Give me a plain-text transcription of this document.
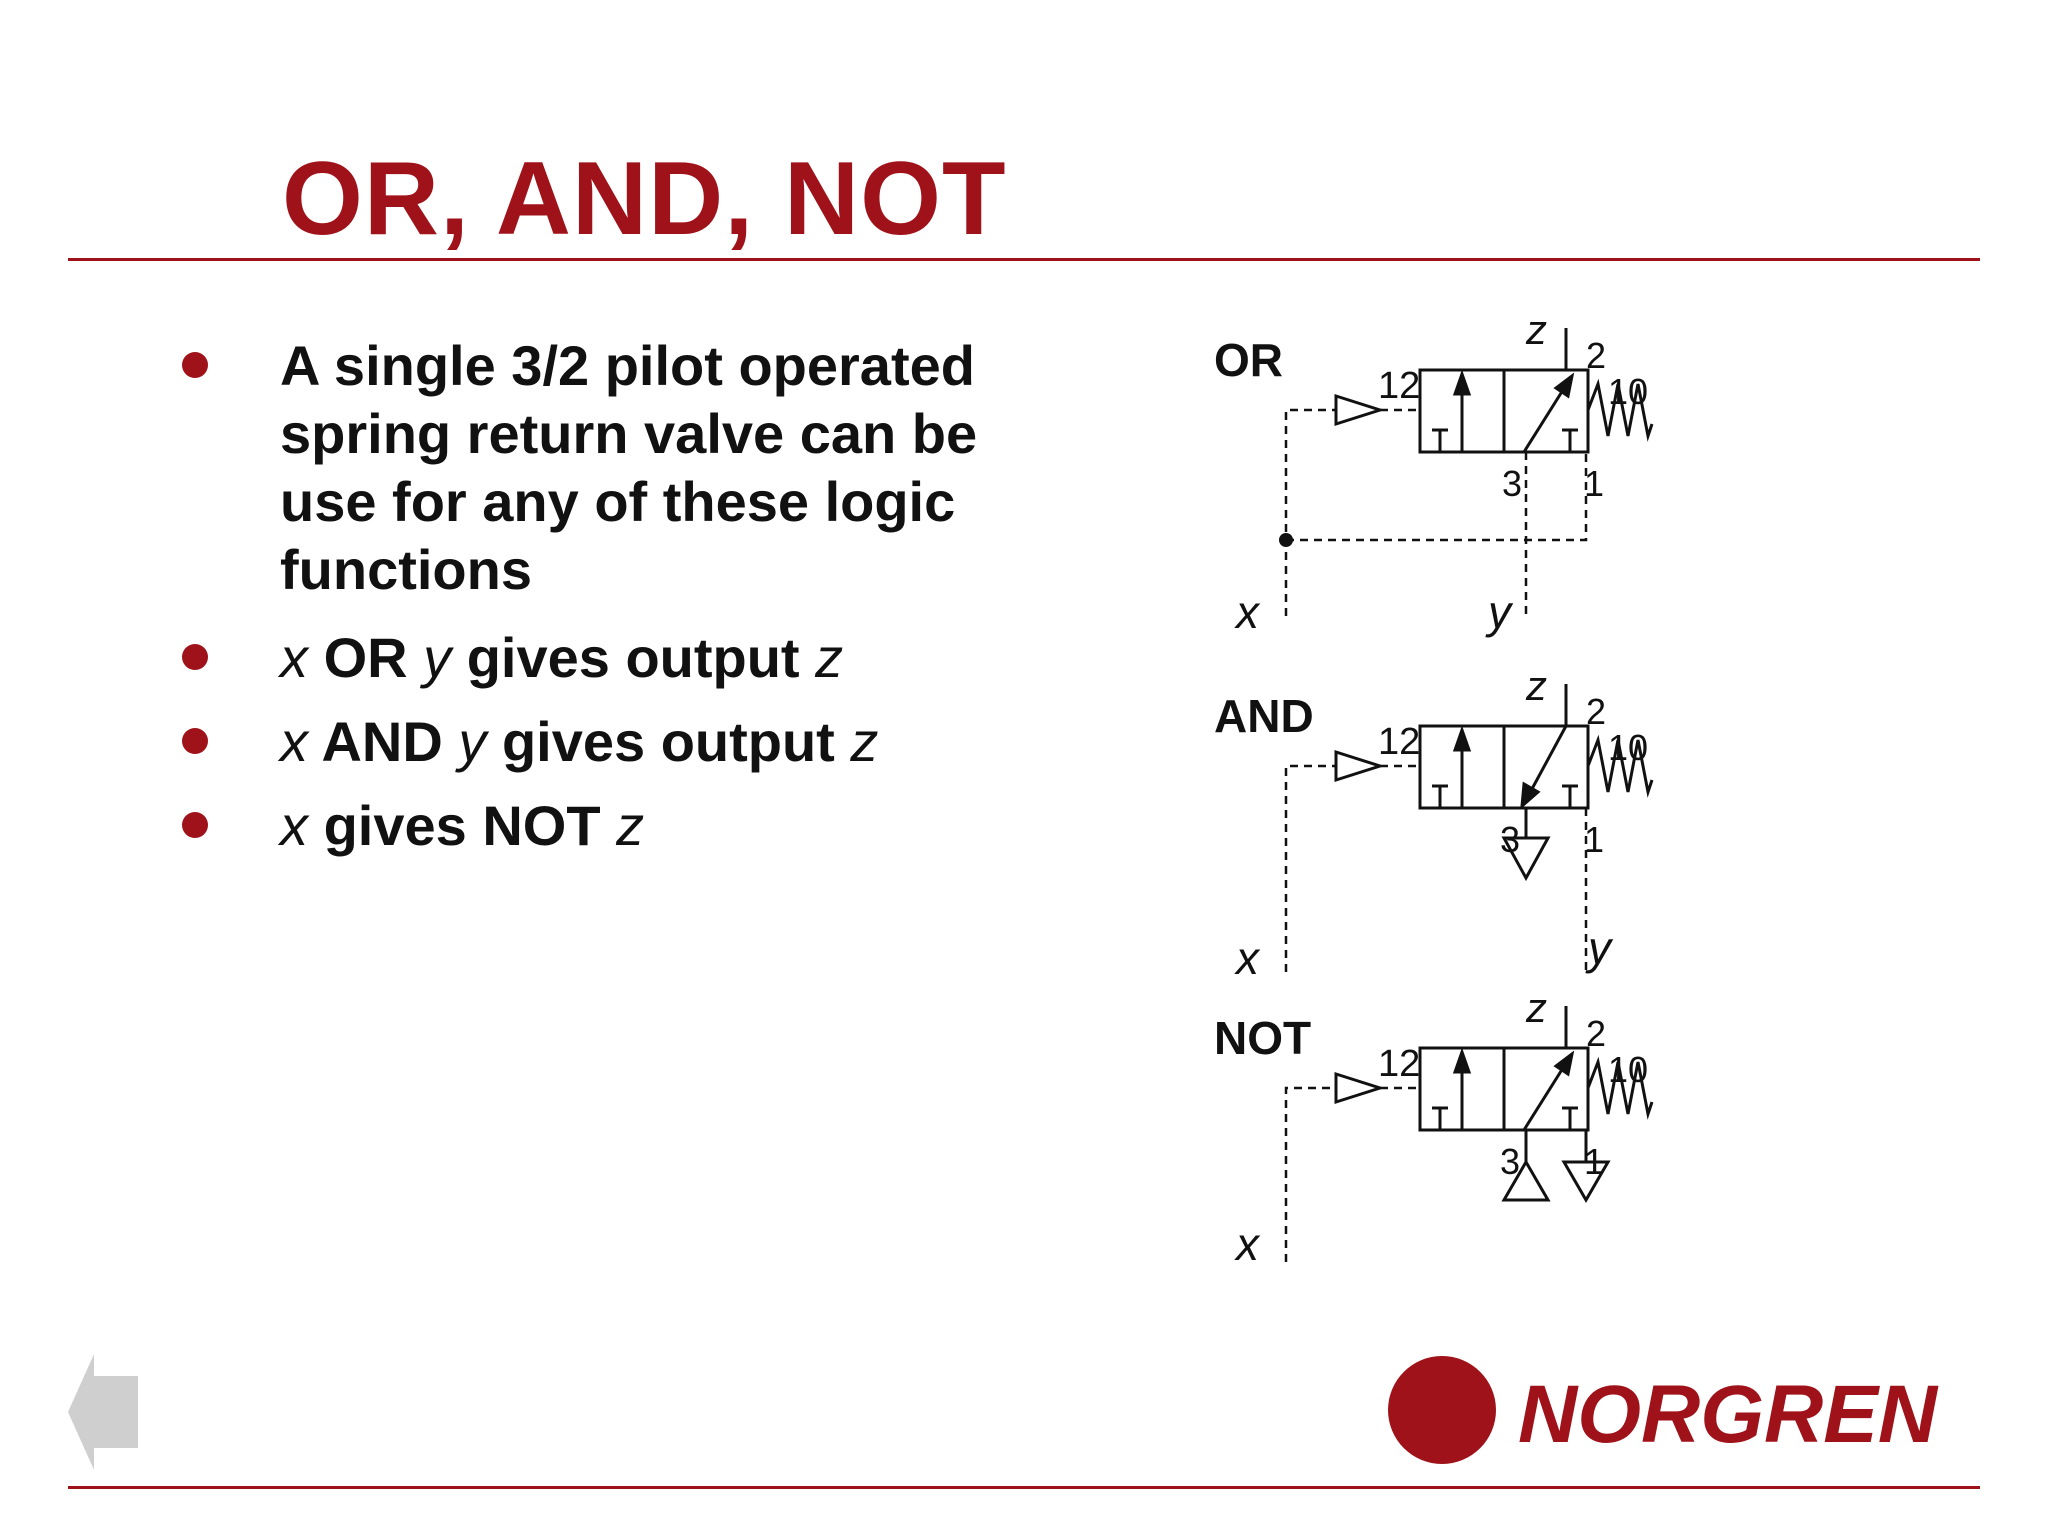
OR, AND, NOT
A single 3/2 pilot operated spring return valve can be use for any of these logic functions
x OR y gives output z
x AND y gives output z
x gives NOT z
OR	12
z
2
10
3 1
x	y
AND 12
z
2
10
3 1
x	y
NOT 12
z
2
10
3 1
x
NORGREN
